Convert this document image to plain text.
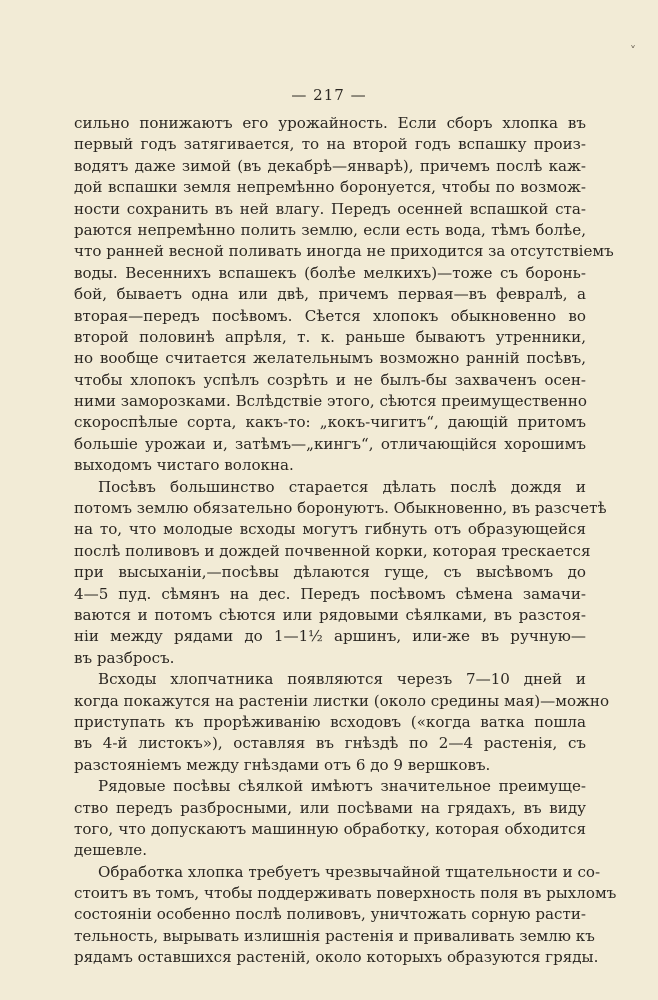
— 217 —
сильно понижаютъ его урожайность. Если сборъ хлопка въ
первый годъ затягивается, то на второй годъ вспашку произ-
водятъ даже зимой (въ декабрѣ—январѣ), причемъ послѣ каж-
дой вспашки земля непремѣнно боронуется, чтобы по возмож-
ности сохранить въ ней влагу. Передъ осенней вспашкой ста-
раются непремѣнно полить землю, если есть вода, тѣмъ болѣе,
что ранней весной поливать иногда не приходится за отсутствіемъ
воды. Весеннихъ вспашекъ (болѣе мелкихъ)—тоже съ боронь-
бой, бываетъ одна или двѣ, причемъ первая—въ февралѣ, а
вторая—передъ посѣвомъ. Сѣется хлопокъ обыкновенно во
второй половинѣ апрѣля, т. к. раньше бываютъ утренники,
но вообще считается желательнымъ возможно ранній посѣвъ,
чтобы хлопокъ успѣлъ созрѣть и не былъ-бы захваченъ осен-
ними заморозками. Вслѣдствіе этого, сѣются преимущественно
скороспѣлые сорта, какъ-то: „кокъ-чигитъ“, дающій притомъ
большіе урожаи и, затѣмъ—„кингъ“, отличающійся хорошимъ
выходомъ чистаго волокна.
Посѣвъ большинство старается дѣлать послѣ дождя и
потомъ землю обязательно боронуютъ. Обыкновенно, въ разсчетѣ
на то, что молодые всходы могутъ гибнуть отъ образующейся
послѣ поливовъ и дождей почвенной корки, которая трескается
при высыханіи,—посѣвы дѣлаются гуще, съ высѣвомъ до
4—5 пуд. сѣмянъ на дес. Передъ посѣвомъ сѣмена замачи-
ваются и потомъ сѣются или рядовыми сѣялками, въ разстоя-
ніи между рядами до 1—1½ аршинъ, или-же въ ручную—
въ разбросъ.
Всходы хлопчатника появляются черезъ 7—10 дней и
когда покажутся на растеніи листки (около средины мая)—можно
приступать къ прорѣживанію всходовъ («когда ватка пошла
въ 4-й листокъ»), оставляя въ гнѣздѣ по 2—4 растенія, съ
разстояніемъ между гнѣздами отъ 6 до 9 вершковъ.
Рядовые посѣвы сѣялкой имѣютъ значительное преимуще-
ство передъ разбросными, или посѣвами на грядахъ, въ виду
того, что допускаютъ машинную обработку, которая обходится
дешевле.
Обработка хлопка требуетъ чрезвычайной тщательности и со-
стоитъ въ томъ, чтобы поддерживать поверхность поля въ рыхломъ
состояніи особенно послѣ поливовъ, уничтожать сорную расти-
тельность, вырывать излишнія растенія и приваливать землю къ
рядамъ оставшихся растеній, около которыхъ образуются гряды.
˅
